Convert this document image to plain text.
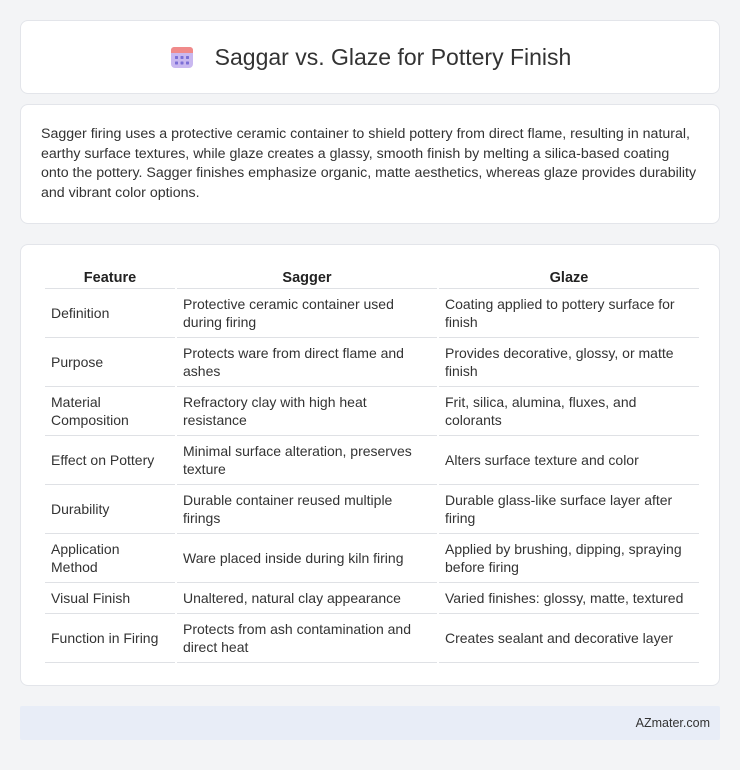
Saggar vs. Glaze for Pottery Finish

Sagger firing uses a protective ceramic container to shield pottery from direct flame, resulting in natural, earthy surface textures, while glaze creates a glassy, smooth finish by melting a silica-based coating onto the pottery. Sagger finishes emphasize organic, matte aesthetics, whereas glaze provides durability and vibrant color options.

Feature	Sagger	Glaze
Definition	Protective ceramic container used during firing	Coating applied to pottery surface for finish
Purpose	Protects ware from direct flame and ashes	Provides decorative, glossy, or matte finish
Material Composition	Refractory clay with high heat resistance	Frit, silica, alumina, fluxes, and colorants
Effect on Pottery	Minimal surface alteration, preserves texture	Alters surface texture and color
Durability	Durable container reused multiple firings	Durable glass-like surface layer after firing
Application Method	Ware placed inside during kiln firing	Applied by brushing, dipping, spraying before firing
Visual Finish	Unaltered, natural clay appearance	Varied finishes: glossy, matte, textured
Function in Firing	Protects from ash contamination and direct heat	Creates sealant and decorative layer
AZmater.com
